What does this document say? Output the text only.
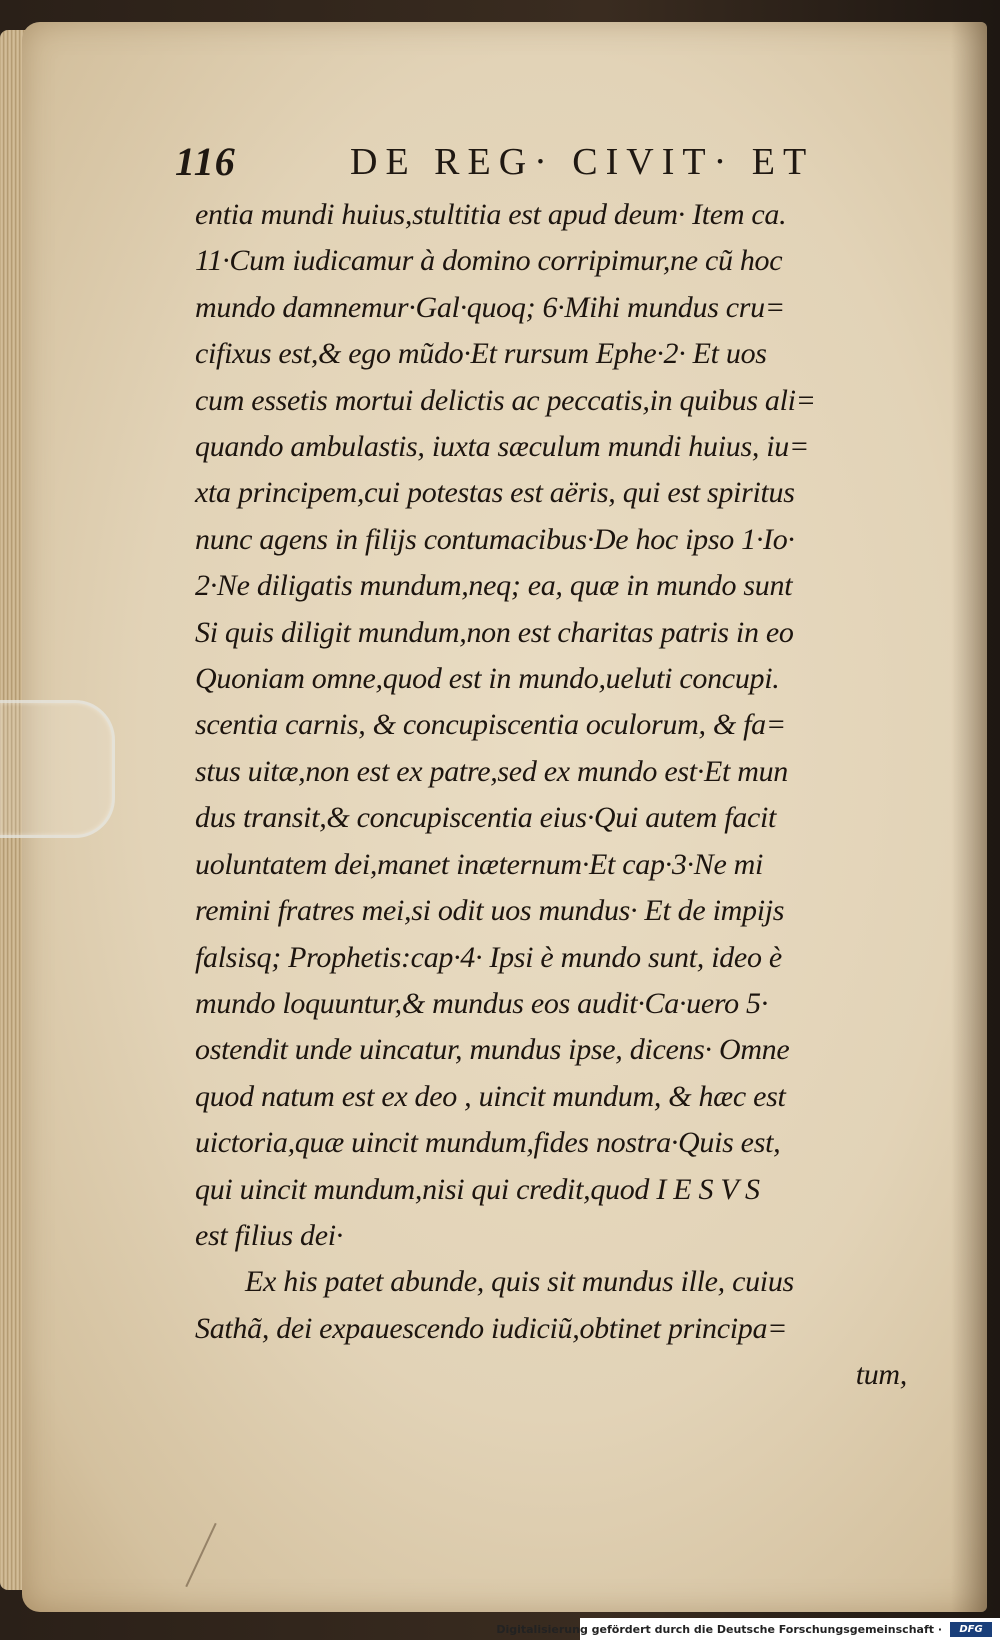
116	DE REG· CIVIT· ET
entia mundi huius,stultitia est apud deum· Item ca.
11·Cum iudicamur à domino corripimur,ne cũ hoc
mundo damnemur·Gal·quoq; 6·Mihi mundus cru=
cifixus est,& ego mũdo·Et rursum Ephe·2· Et uos
cum essetis mortui delictis ac peccatis,in quibus ali=
quando ambulastis, iuxta sæculum mundi huius, iu=
xta principem,cui potestas est aëris, qui est spiritus
nunc agens in filijs contumacibus·De hoc ipso 1·Io·
2·Ne diligatis mundum,neq; ea, quæ in mundo sunt
Si quis diligit mundum,non est charitas patris in eo
Quoniam omne,quod est in mundo,ueluti concupi.
scentia carnis, & concupiscentia oculorum, & fa=
stus uitæ,non est ex patre,sed ex mundo est·Et mun
dus transit,& concupiscentia eius·Qui autem facit
uoluntatem dei,manet inæternum·Et cap·3·Ne mi
remini fratres mei,si odit uos mundus· Et de impijs
falsisq; Prophetis:cap·4· Ipsi è mundo sunt, ideo è
mundo loquuntur,& mundus eos audit·Ca·uero 5·
ostendit unde uincatur, mundus ipse, dicens· Omne
quod natum est ex deo , uincit mundum, & hæc est
uictoria,quæ uincit mundum,fides nostra·Quis est,
qui uincit mundum,nisi qui credit,quod I E S V S
est filius dei·
Ex his patet abunde, quis sit mundus ille, cuius
Sathã, dei expauescendo iudiciũ,obtinet principa=
tum,
Digitalisierung gefördert durch die Deutsche Forschungsgemeinschaft ·	DFG
